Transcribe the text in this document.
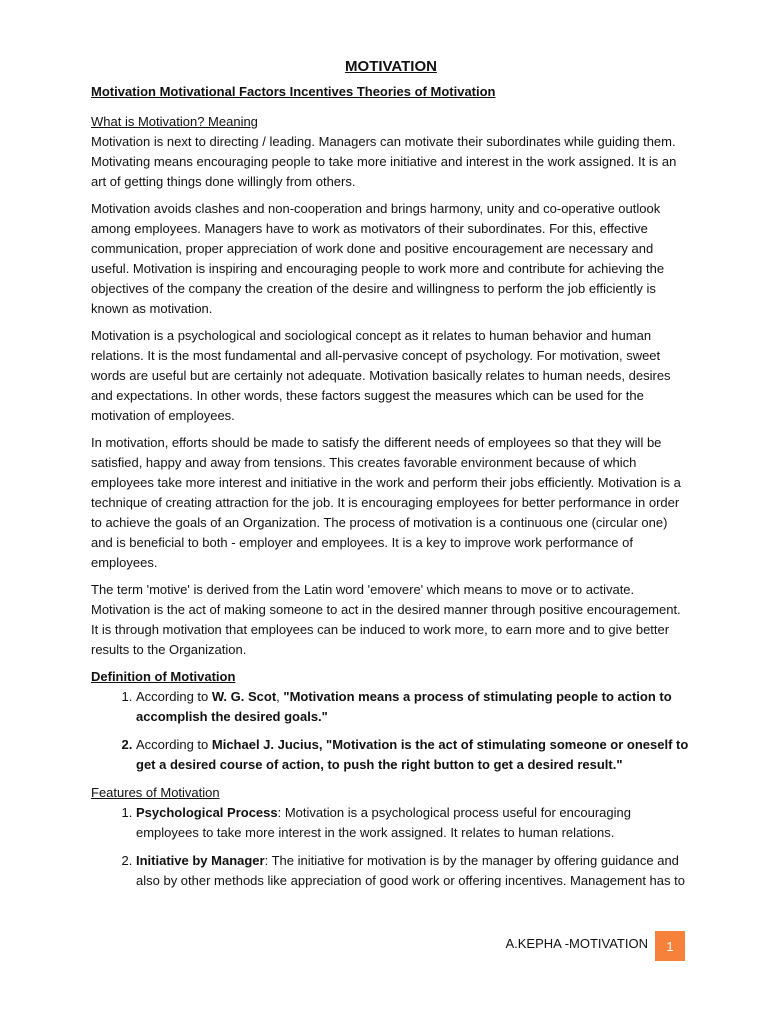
MOTIVATION
Motivation Motivational Factors Incentives Theories of Motivation
What is Motivation? Meaning

Motivation is next to directing / leading. Managers can motivate their subordinates while guiding them. Motivating means encouraging people to take more initiative and interest in the work assigned. It is an art of getting things done willingly from others.

Motivation avoids clashes and non-cooperation and brings harmony, unity and co-operative outlook among employees. Managers have to work as motivators of their subordinates. For this, effective communication, proper appreciation of work done and positive encouragement are necessary and useful. Motivation is inspiring and encouraging people to work more and contribute for achieving the objectives of the company the creation of the desire and willingness to perform the job efficiently is known as motivation.

Motivation is a psychological and sociological concept as it relates to human behavior and human relations. It is the most fundamental and all-pervasive concept of psychology. For motivation, sweet words are useful but are certainly not adequate. Motivation basically relates to human needs, desires and expectations. In other words, these factors suggest the measures which can be used for the motivation of employees.

In motivation, efforts should be made to satisfy the different needs of employees so that they will be satisfied, happy and away from tensions. This creates favorable environment because of which employees take more interest and initiative in the work and perform their jobs efficiently. Motivation is a technique of creating attraction for the job. It is encouraging employees for better performance in order to achieve the goals of an Organization. The process of motivation is a continuous one (circular one) and is beneficial to both - employer and employees. It is a key to improve work performance of employees.

The term 'motive' is derived from the Latin word 'emovere' which means to move or to activate. Motivation is the act of making someone to act in the desired manner through positive encouragement. It is through motivation that employees can be induced to work more, to earn more and to give better results to the Organization.

Definition of Motivation
1. According to W. G. Scot, "Motivation means a process of stimulating people to action to accomplish the desired goals."
2. According to Michael J. Jucius, "Motivation is the act of stimulating someone or oneself to get a desired course of action, to push the right button to get a desired result."
Features of Motivation
1. Psychological Process: Motivation is a psychological process useful for encouraging employees to take more interest in the work assigned. It relates to human relations.
2. Initiative by Manager: The initiative for motivation is by the manager by offering guidance and also by other methods like appreciation of good work or offering incentives. Management has to
A.KEPHA -MOTIVATION	1
